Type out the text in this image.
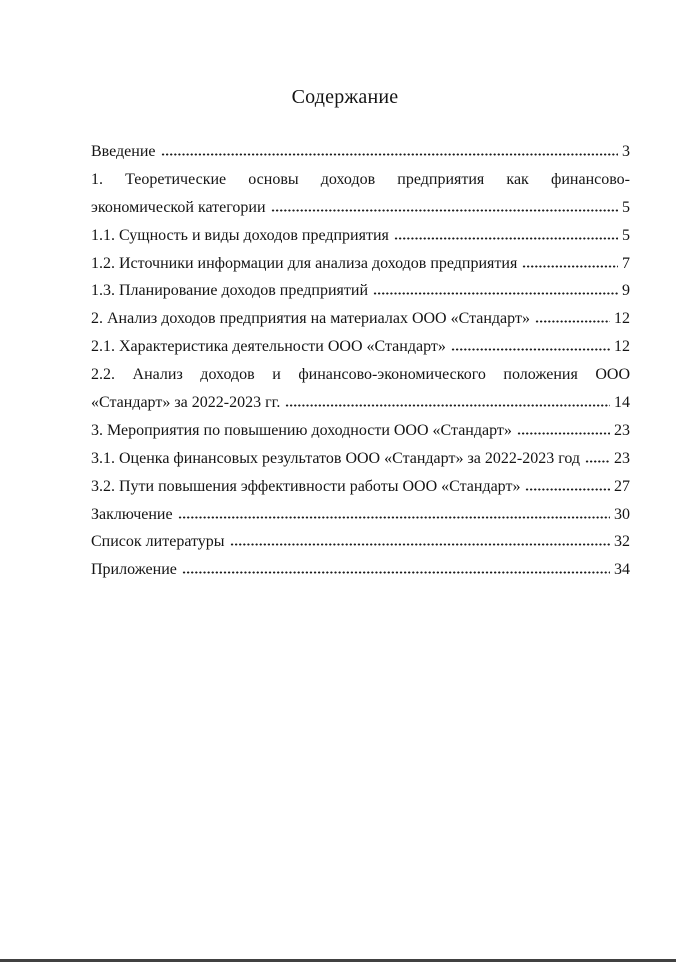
Содержание
Введение	3
1. Теоретические основы доходов предприятия как финансово-
экономической категории	5
1.1. Сущность и виды доходов предприятия	5
1.2. Источники информации для анализа доходов предприятия	7
1.3. Планирование доходов предприятий	9
2. Анализ доходов предприятия на материалах ООО «Стандарт»	12
2.1. Характеристика деятельности ООО «Стандарт»	12
2.2. Анализ доходов и финансово-экономического положения ООО
«Стандарт» за 2022-2023 гг.	14
3. Мероприятия по повышению доходности ООО «Стандарт»	23
3.1. Оценка финансовых результатов ООО «Стандарт» за 2022-2023 год 23
3.2. Пути повышения эффективности работы ООО «Стандарт»	27
Заключение	30
Список литературы	32
Приложение	34
